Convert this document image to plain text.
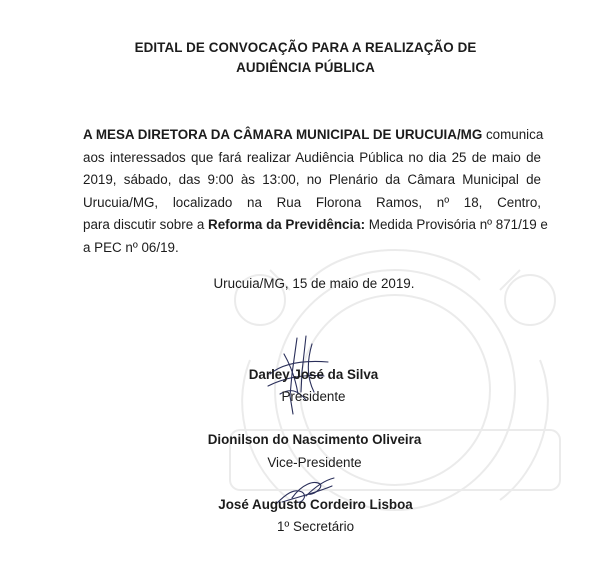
EDITAL DE CONVOCAÇÃO PARA A REALIZAÇÃO DE
AUDIÊNCIA PÚBLICA
A MESA DIRETORA DA CÂMARA MUNICIPAL DE URUCUIA/MG comunica
aos interessados que fará realizar Audiência Pública no dia 25 de maio de
2019, sábado, das 9:00 às 13:00, no Plenário da Câmara Municipal de
Urucuia/MG, localizado na Rua Florona Ramos, nº 18, Centro,
para discutir sobre a Reforma da Previdência: Medida Provisória nº 871/19 e
a PEC nº 06/19.
Urucuia/MG, 15 de maio de 2019.
Darley José da Silva
Presidente
Dionilson do Nascimento Oliveira
Vice-Presidente
José Augusto Cordeiro Lisboa
1º Secretário
